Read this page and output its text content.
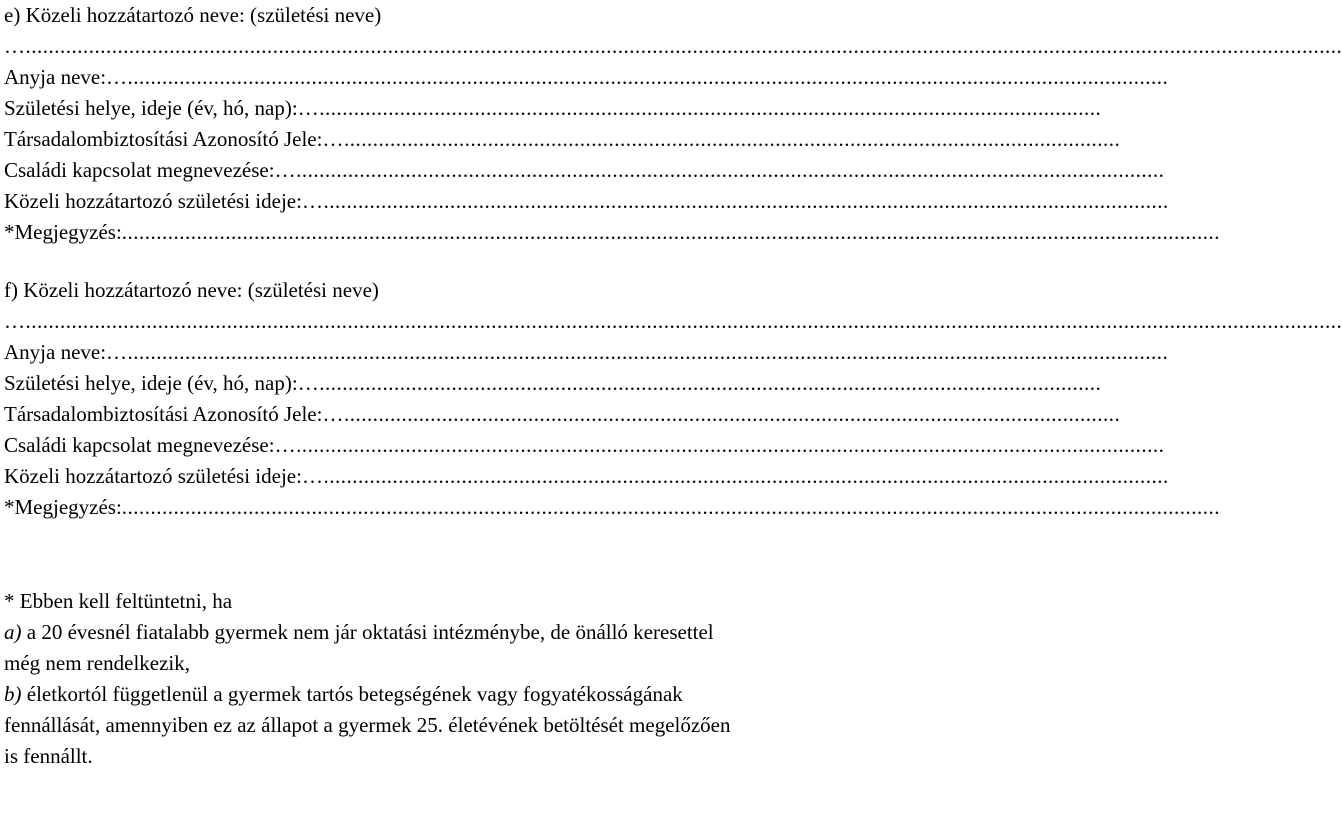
e) Közeli hozzátartozó neve: (születési neve)
….....................................................................................................................................................................................................................................
Anyja neve: ….....................................................................................................................................................................................
Születési helye, ideje (év, hó, nap): …........................................................................................................................................
Társadalombiztosítási Azonosító Jele: ….......................................................................................................................................
Családi kapcsolat megnevezése: ….......................................................................................................................................................
Közeli hozzátartozó születési ideje: …...................................................................................................................................................
*Megjegyzés: ...............................................................................................................................................................................................
f) Közeli hozzátartozó neve: (születési neve)
….....................................................................................................................................................................................................................................
Anyja neve: ….....................................................................................................................................................................................
Születési helye, ideje (év, hó, nap): …........................................................................................................................................
Társadalombiztosítási Azonosító Jele: ….......................................................................................................................................
Családi kapcsolat megnevezése: ….......................................................................................................................................................
Közeli hozzátartozó születési ideje: …...................................................................................................................................................
*Megjegyzés: ...............................................................................................................................................................................................
* Ebben kell feltüntetni, ha
a) a 20 évesnél fiatalabb gyermek nem jár oktatási intézménybe, de önálló keresettel
még nem rendelkezik,
b) életkortól függetlenül a gyermek tartós betegségének vagy fogyatékosságának
fennállását, amennyiben ez az állapot a gyermek 25. életévének betöltését megelőzően
is fennállt.
